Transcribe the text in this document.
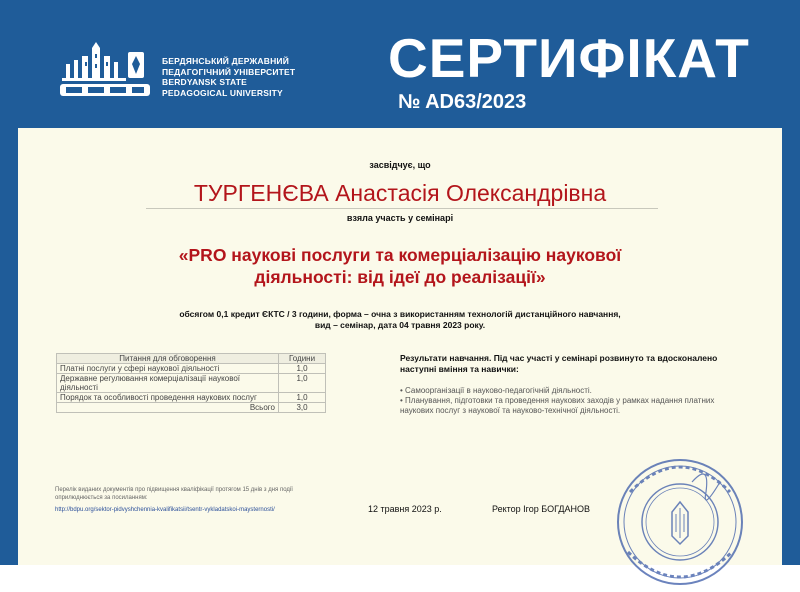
БЕРДЯНСЬКИЙ ДЕРЖАВНИЙ
ПЕДАГОГІЧНИЙ УНІВЕРСИТЕТ
BERDYANSK STATE
PEDAGOGICAL UNIVERSITY
СЕРТИФІКАТ
№ AD63/2023
засвідчує, що
ТУРГЕНЄВА Анастасія Олександрівна
взяла участь у семінарі
«PRO наукові послуги та комерціалізацію наукової
діяльності: від ідеї до реалізації»
обсягом 0,1 кредит ЄКТС / 3 години, форма – очна з використанням технологій дистанційного навчання,
вид – семінар, дата 04 травня 2023 року.
Питання для обговорення	Години
Платні послуги у сфері наукової діяльності	1,0
Державне регулювання комерціалізації наукової діяльності	1,0
Порядок та особливості проведення наукових послуг	1,0
Всього	3,0
Результати навчання. Під час участі у семінарі розвинуто та вдосконалено наступні вміння та навички:
• Самоорганізації в науково-педагогічній діяльності.
• Планування, підготовки та проведення наукових заходів у рамках надання платних наукових послуг з наукової та науково-технічної діяльності.
Перелік виданих документів про підвищення кваліфікації протягом 15 днів з дня події оприлюднюється за посиланням:
http://bdpu.org/sektor-pidvyshchennia-kvalifikatsii/tsentr-vykladatskoi-maysternosti/	12 травня 2023 р.	Ректор Ігор БОГДАНОВ
